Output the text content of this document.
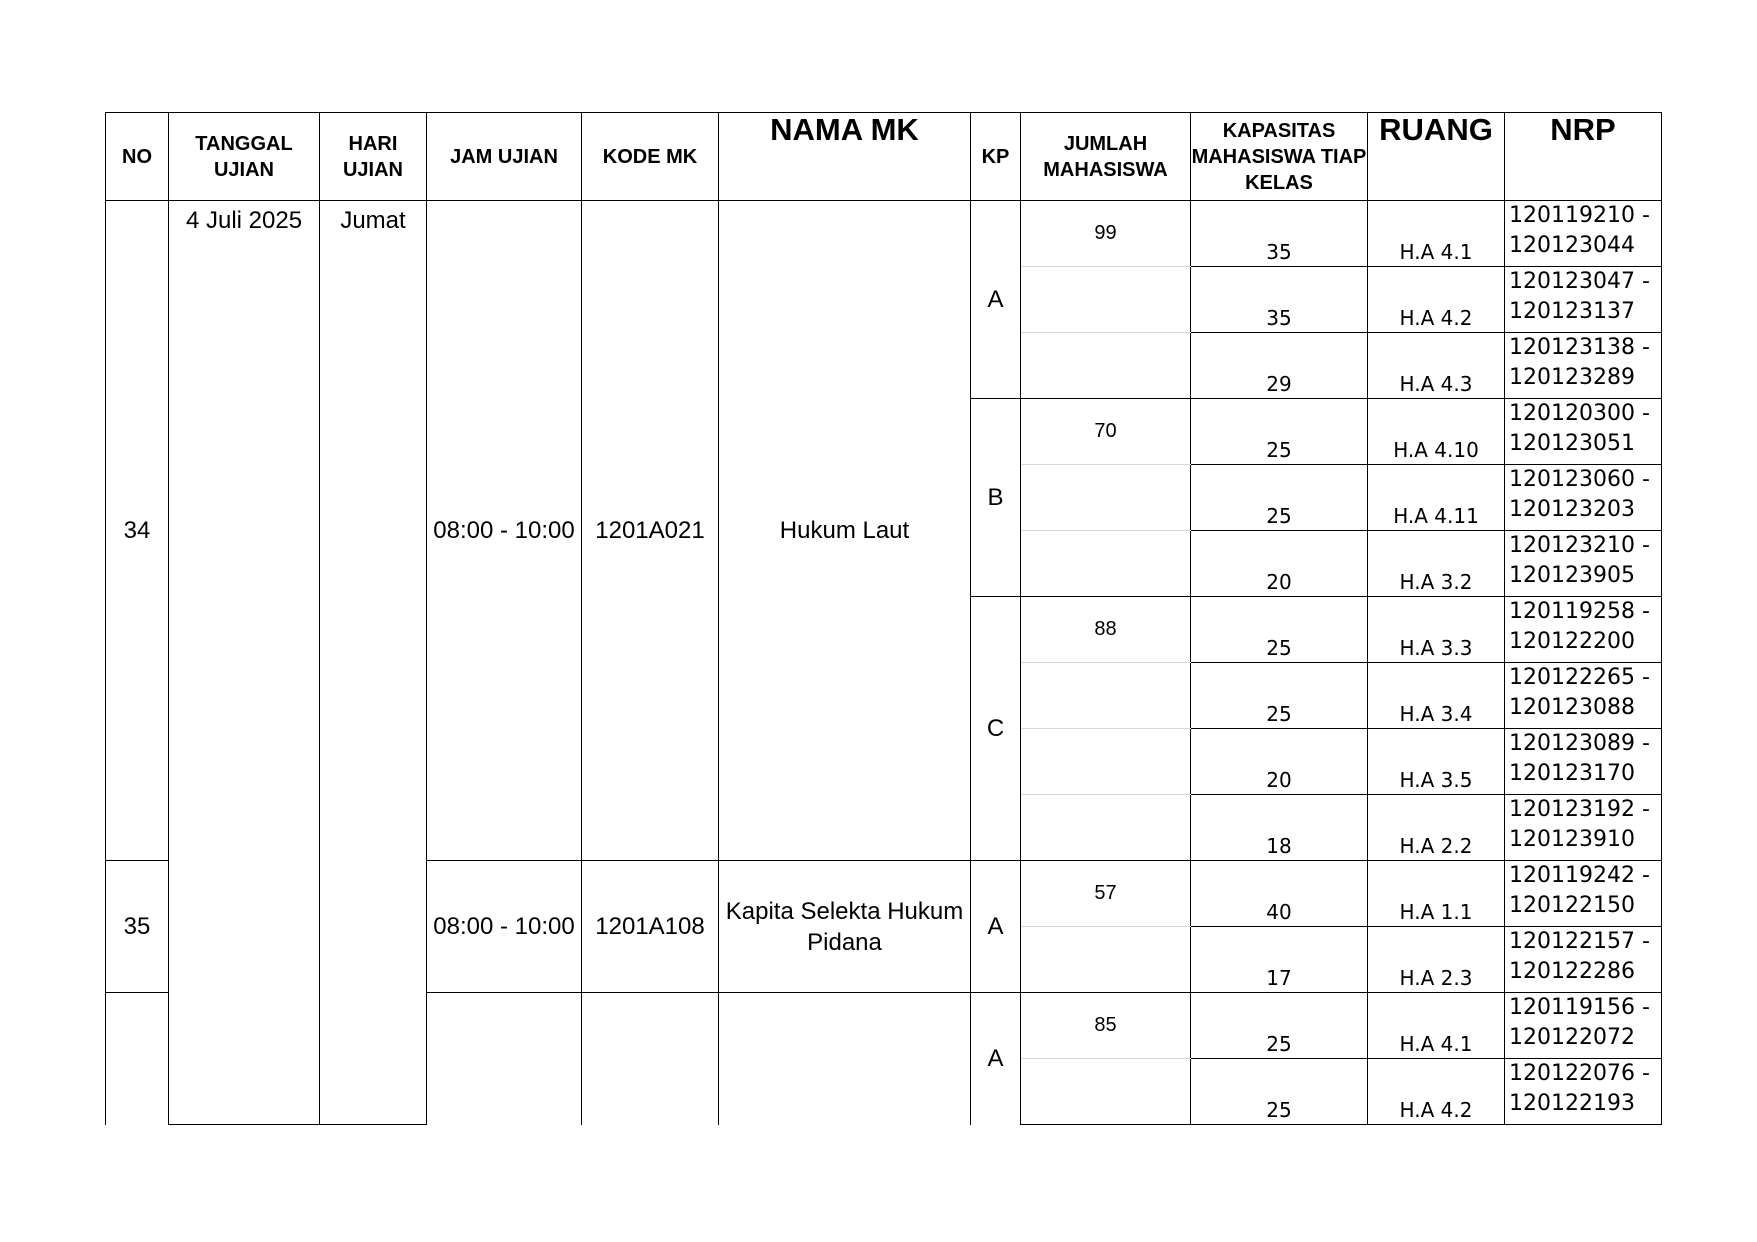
NO	TANGGAL UJIAN	HARI UJIAN	JAM UJIAN	KODE MK	NAMA MK	KP	JUMLAH MAHASISWA	KAPASITAS MAHASISWA TIAP KELAS	RUANG	NRP
34	4 Juli 2025	Jumat	08:00 - 10:00	1201A021	Hukum Laut	A	99	35	H.A 4.1	120119210 -
120123044

								35	H.A 4.2	120123047 -
120123137

								29	H.A 4.3	120123138 -
120123289

						B	70	25	H.A 4.10	120120300 -
120123051

								25	H.A 4.11	120123060 -
120123203

								20	H.A 3.2	120123210 -
120123905

						C	88	25	H.A 3.3	120119258 -
120122200

								25	H.A 3.4	120122265 -
120123088

								20	H.A 3.5	120123089 -
120123170

								18	H.A 2.2	120123192 -
120123910

35			08:00 - 10:00	1201A108	Kapita Selekta Hukum Pidana	A	57	40	H.A 1.1	120119242 -
120122150

								17	H.A 2.3	120122157 -
120122286

						A	85	25	H.A 4.1	120119156 -
120122072

								25	H.A 4.2	120122076 -
120122193
